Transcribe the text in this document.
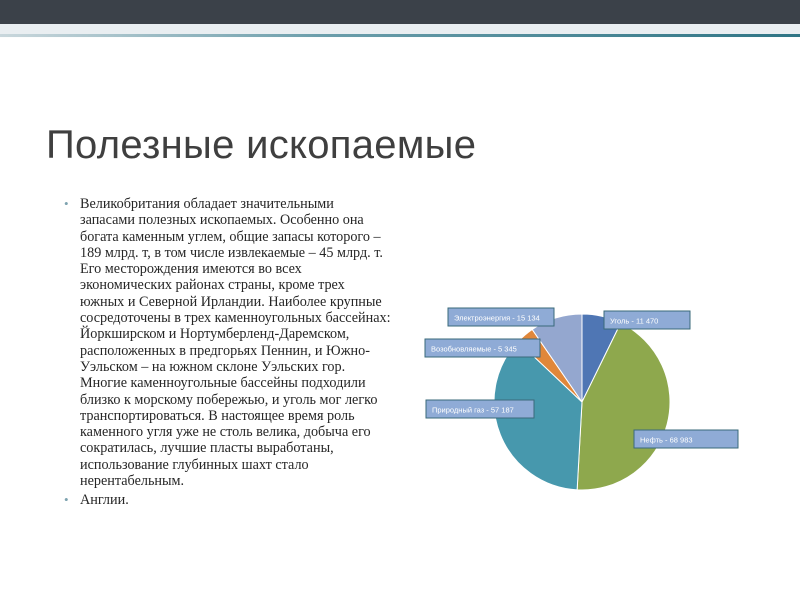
Полезные ископаемые
• Великобритания обладает значительными запасами полезных ископаемых. Особенно она богата каменным углем, общие запасы которого – 189 млрд. т, в том числе извлекаемые – 45 млрд. т. Его месторождения имеются во всех экономических районах страны, кроме трех южных и Северной Ирландии. Наиболее крупные сосредоточены в трех каменноугольных бассейнах: Йоркширском и Нортумберленд-Даремском, расположенных в предгорьях Пеннин, и Южно-Уэльском – на южном склоне Уэльских гор. Многие каменноугольные бассейны подходили близко к морскому побережью, и уголь мог легко транспортироваться. В настоящее время роль каменного угля уже не столь велика, добыча его сократилась, лучшие пласты выработаны, использование глубинных шахт стало нерентабельным.
• Англии.
Уголь - 11 470
Нефть - 68 983
Природный газ - 57 187
Возобновляемые - 5 345
Электроэнергия - 15 134
